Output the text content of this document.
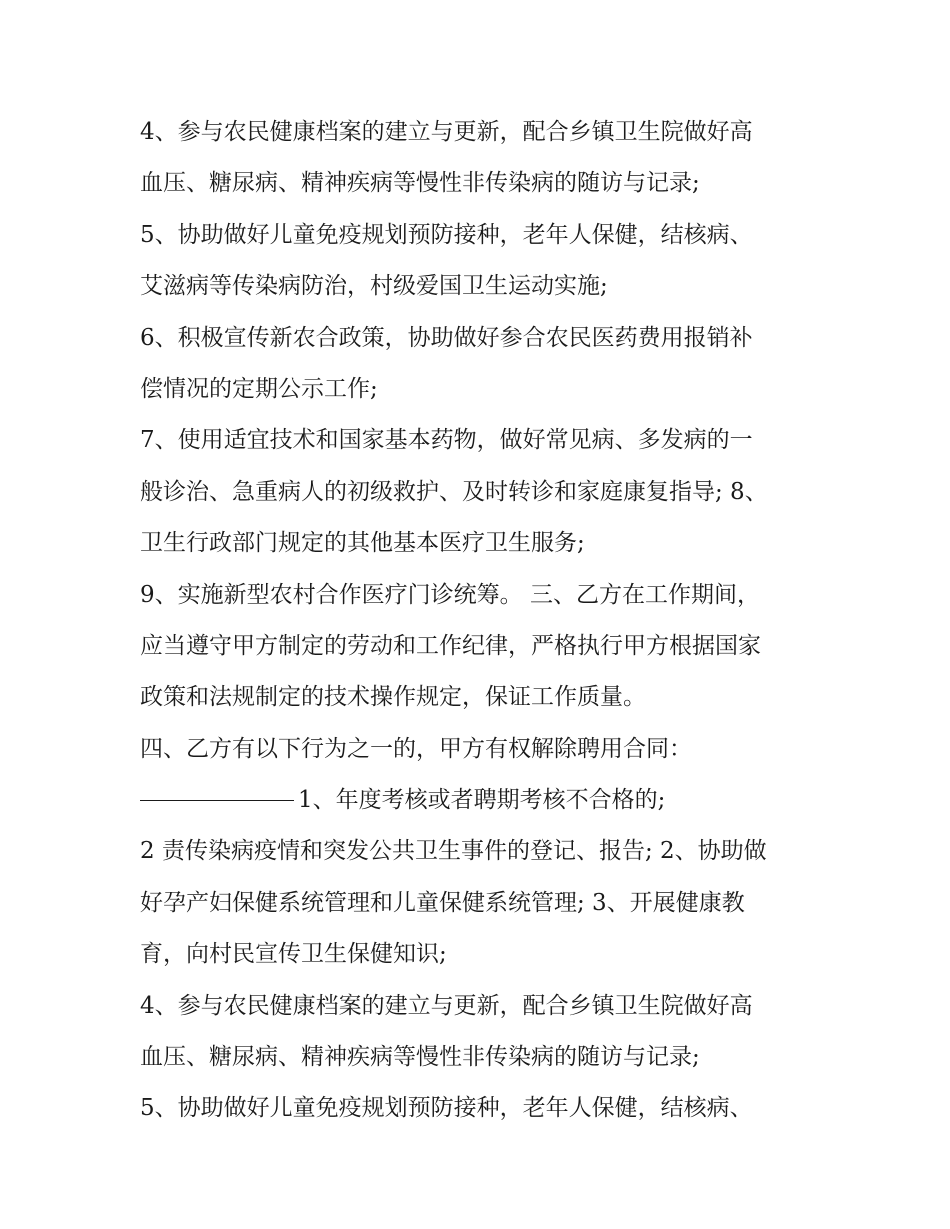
4、参与农民健康档案的建立与更新，配合乡镇卫生院做好高
血压、糖尿病、精神疾病等慢性非传染病的随访与记录;
5、协助做好儿童免疫规划预防接种，老年人保健，结核病、
艾滋病等传染病防治，村级爱国卫生运动实施;
6、积极宣传新农合政策，协助做好参合农民医药费用报销补
偿情况的定期公示工作;
7、使用适宜技术和国家基本药物，做好常见病、多发病的一
般诊治、急重病人的初级救护、及时转诊和家庭康复指导; 8、
卫生行政部门规定的其他基本医疗卫生服务;
9、实施新型农村合作医疗门诊统筹。 三、乙方在工作期间，
应当遵守甲方制定的劳动和工作纪律，严格执行甲方根据国家
政策和法规制定的技术操作规定，保证工作质量。
四、乙方有以下行为之一的，甲方有权解除聘用合同：
1、年度考核或者聘期考核不合格的;
2 责传染病疫情和突发公共卫生事件的登记、报告; 2、协助做
好孕产妇保健系统管理和儿童保健系统管理; 3、开展健康教
育，向村民宣传卫生保健知识;
4、参与农民健康档案的建立与更新，配合乡镇卫生院做好高
血压、糖尿病、精神疾病等慢性非传染病的随访与记录;
5、协助做好儿童免疫规划预防接种，老年人保健，结核病、
